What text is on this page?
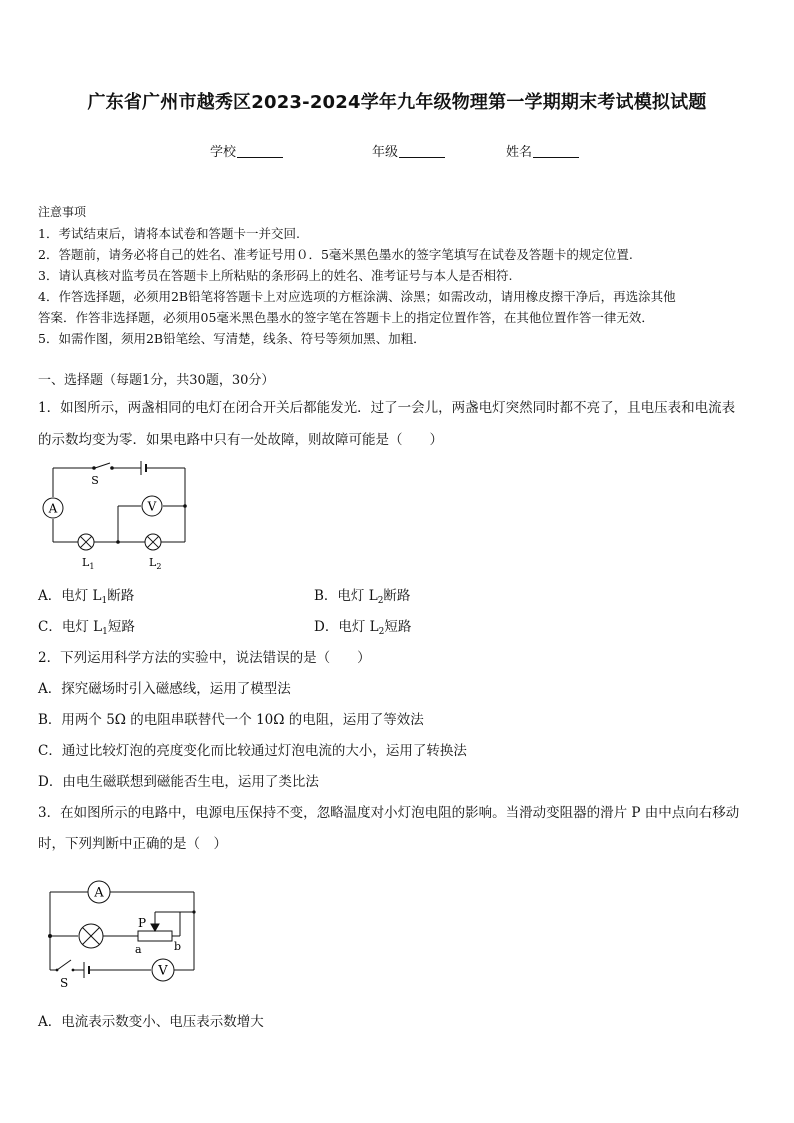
广东省广州市越秀区2023-2024学年九年级物理第一学期期末考试模拟试题
学校	年级	姓名
注意事项
1．考试结束后，请将本试卷和答题卡一并交回.
2．答题前，请务必将自己的姓名、准考证号用０．5毫米黑色墨水的签字笔填写在试卷及答题卡的规定位置.
3．请认真核对监考员在答题卡上所粘贴的条形码上的姓名、准考证号与本人是否相符.
4．作答选择题，必须用2B铅笔将答题卡上对应选项的方框涂满、涂黑；如需改动，请用橡皮擦干净后，再选涂其他
答案．作答非选择题，必须用05毫米黑色墨水的签字笔在答题卡上的指定位置作答，在其他位置作答一律无效．
5．如需作图，须用2B铅笔绘、写清楚，线条、符号等须加黑、加粗．
一、选择题（每题1分，共30题，30分）
1．如图所示，两盏相同的电灯在闭合开关后都能发光．过了一会儿，两盏电灯突然同时都不亮了，且电压表和电流表
的示数均变为零．如果电路中只有一处故障，则故障可能是（　　）
A	V
S
$L_1$	$L_2$
A．电灯 $L_1$断路	B．电灯 $L_2$断路
C．电灯 $L_1$短路	D．电灯 $L_2$短路
2．下列运用科学方法的实验中，说法错误的是（　　）
A．探究磁场时引入磁感线，运用了模型法
B．用两个 5Ω 的电阻串联替代一个 10Ω 的电阻，运用了等效法
C．通过比较灯泡的亮度变化而比较通过灯泡电流的大小，运用了转换法
D．由电生磁联想到磁能否生电，运用了类比法
3．在如图所示的电路中，电源电压保持不变，忽略温度对小灯泡电阻的影响。当滑动变阻器的滑片 P 由中点向右移动
时，下列判断中正确的是（　）
A
V
P
a	b
S
A．电流表示数变小、电压表示数增大
